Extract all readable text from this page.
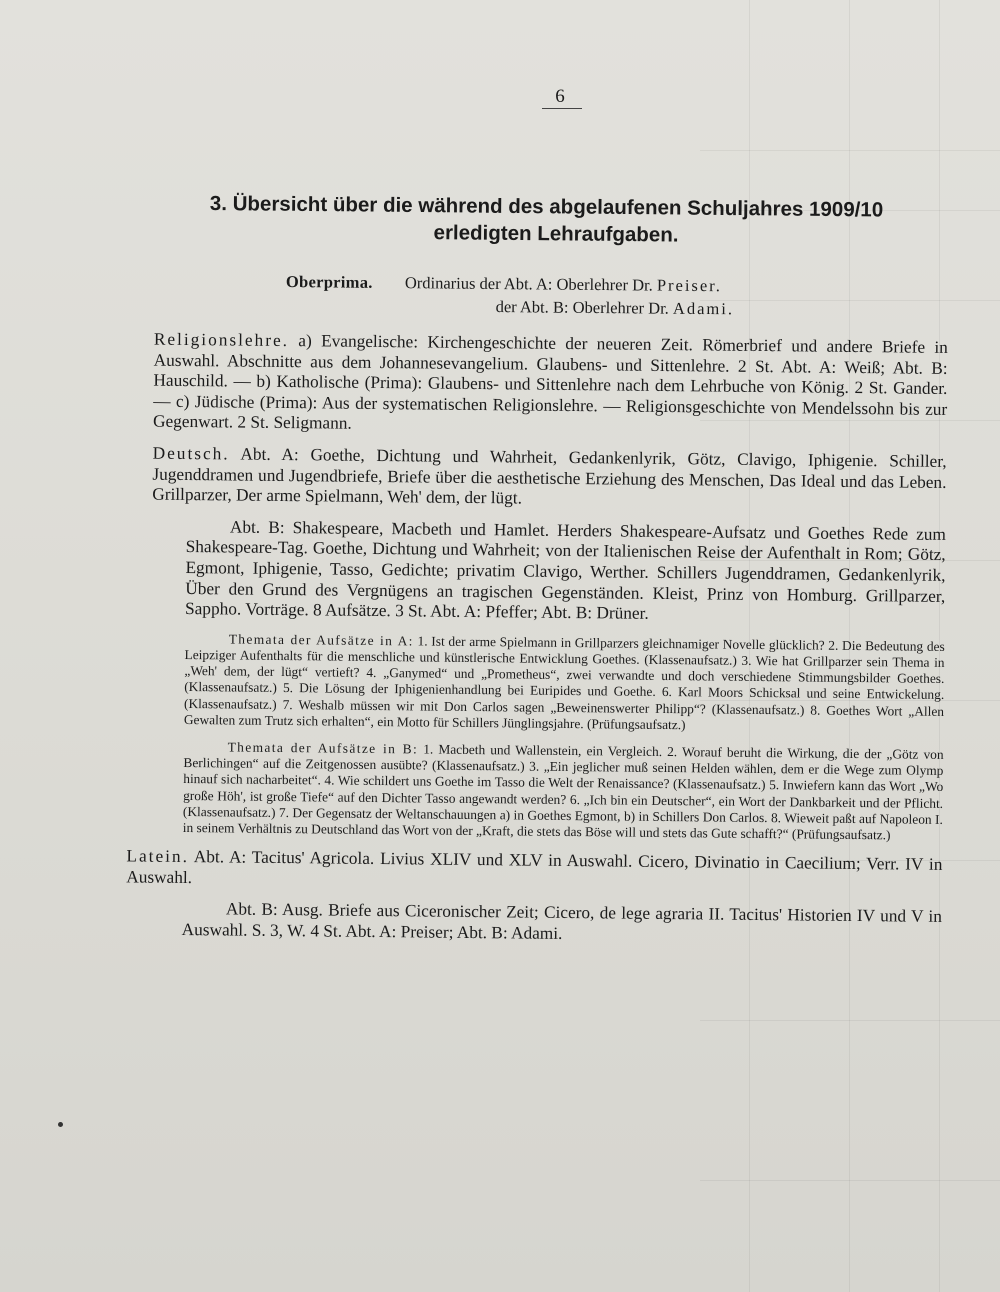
6
3. Übersicht über die während des abgelaufenen Schuljahres 1909/10
erledigten Lehraufgaben.
Oberprima. Ordinarius der Abt. A: Oberlehrer Dr. Preiser.
der Abt. B: Oberlehrer Dr. Adami.

Religionslehre. a) Evangelische: Kirchengeschichte der neueren Zeit. Römerbrief und andere Briefe in Auswahl. Abschnitte aus dem Johannesevangelium. Glaubens- und Sittenlehre. 2 St. Abt. A: Weiß; Abt. B: Hauschild. — b) Katholische (Prima): Glaubens- und Sittenlehre nach dem Lehrbuche von König. 2 St. Gander. — c) Jüdische (Prima): Aus der systematischen Religionslehre. — Religionsgeschichte von Mendelssohn bis zur Gegenwart. 2 St. Seligmann.

Deutsch. Abt. A: Goethe, Dichtung und Wahrheit, Gedankenlyrik, Götz, Clavigo, Iphigenie. Schiller, Jugenddramen und Jugendbriefe, Briefe über die aesthetische Erziehung des Menschen, Das Ideal und das Leben. Grillparzer, Der arme Spielmann, Weh' dem, der lügt.

Abt. B: Shakespeare, Macbeth und Hamlet. Herders Shakespeare-Aufsatz und Goethes Rede zum Shakespeare-Tag. Goethe, Dichtung und Wahrheit; von der Italienischen Reise der Aufenthalt in Rom; Götz, Egmont, Iphigenie, Tasso, Gedichte; privatim Clavigo, Werther. Schillers Jugenddramen, Gedankenlyrik, Über den Grund des Vergnügens an tragischen Gegenständen. Kleist, Prinz von Homburg. Grillparzer, Sappho. Vorträge. 8 Aufsätze. 3 St. Abt. A: Pfeffer; Abt. B: Drüner.

Themata der Aufsätze in A: 1. Ist der arme Spielmann in Grillparzers gleichnamiger Novelle glücklich? 2. Die Bedeutung des Leipziger Aufenthalts für die menschliche und künstlerische Entwicklung Goethes. (Klassenaufsatz.) 3. Wie hat Grillparzer sein Thema in „Weh' dem, der lügt“ vertieft? 4. „Ganymed“ und „Prometheus“, zwei verwandte und doch verschiedene Stimmungsbilder Goethes. (Klassenaufsatz.) 5. Die Lösung der Iphigenienhandlung bei Euripides und Goethe. 6. Karl Moors Schicksal und seine Entwickelung. (Klassenaufsatz.) 7. Weshalb müssen wir mit Don Carlos sagen „Beweinenswerter Philipp“? (Klassenaufsatz.) 8. Goethes Wort „Allen Gewalten zum Trutz sich erhalten“, ein Motto für Schillers Jünglingsjahre. (Prüfungsaufsatz.)

Themata der Aufsätze in B: 1. Macbeth und Wallenstein, ein Vergleich. 2. Worauf beruht die Wirkung, die der „Götz von Berlichingen“ auf die Zeitgenossen ausübte? (Klassenaufsatz.) 3. „Ein jeglicher muß seinen Helden wählen, dem er die Wege zum Olymp hinauf sich nacharbeitet“. 4. Wie schildert uns Goethe im Tasso die Welt der Renaissance? (Klassenaufsatz.) 5. Inwiefern kann das Wort „Wo große Höh', ist große Tiefe“ auf den Dichter Tasso angewandt werden? 6. „Ich bin ein Deutscher“, ein Wort der Dankbarkeit und der Pflicht. (Klassenaufsatz.) 7. Der Gegensatz der Weltanschauungen a) in Goethes Egmont, b) in Schillers Don Carlos. 8. Wieweit paßt auf Napoleon I. in seinem Verhältnis zu Deutschland das Wort von der „Kraft, die stets das Böse will und stets das Gute schafft?“ (Prüfungsaufsatz.)

Latein. Abt. A: Tacitus' Agricola. Livius XLIV und XLV in Auswahl. Cicero, Divinatio in Caecilium; Verr. IV in Auswahl.

Abt. B: Ausg. Briefe aus Ciceronischer Zeit; Cicero, de lege agraria II. Tacitus' Historien IV und V in Auswahl. S. 3, W. 4 St. Abt. A: Preiser; Abt. B: Adami.
